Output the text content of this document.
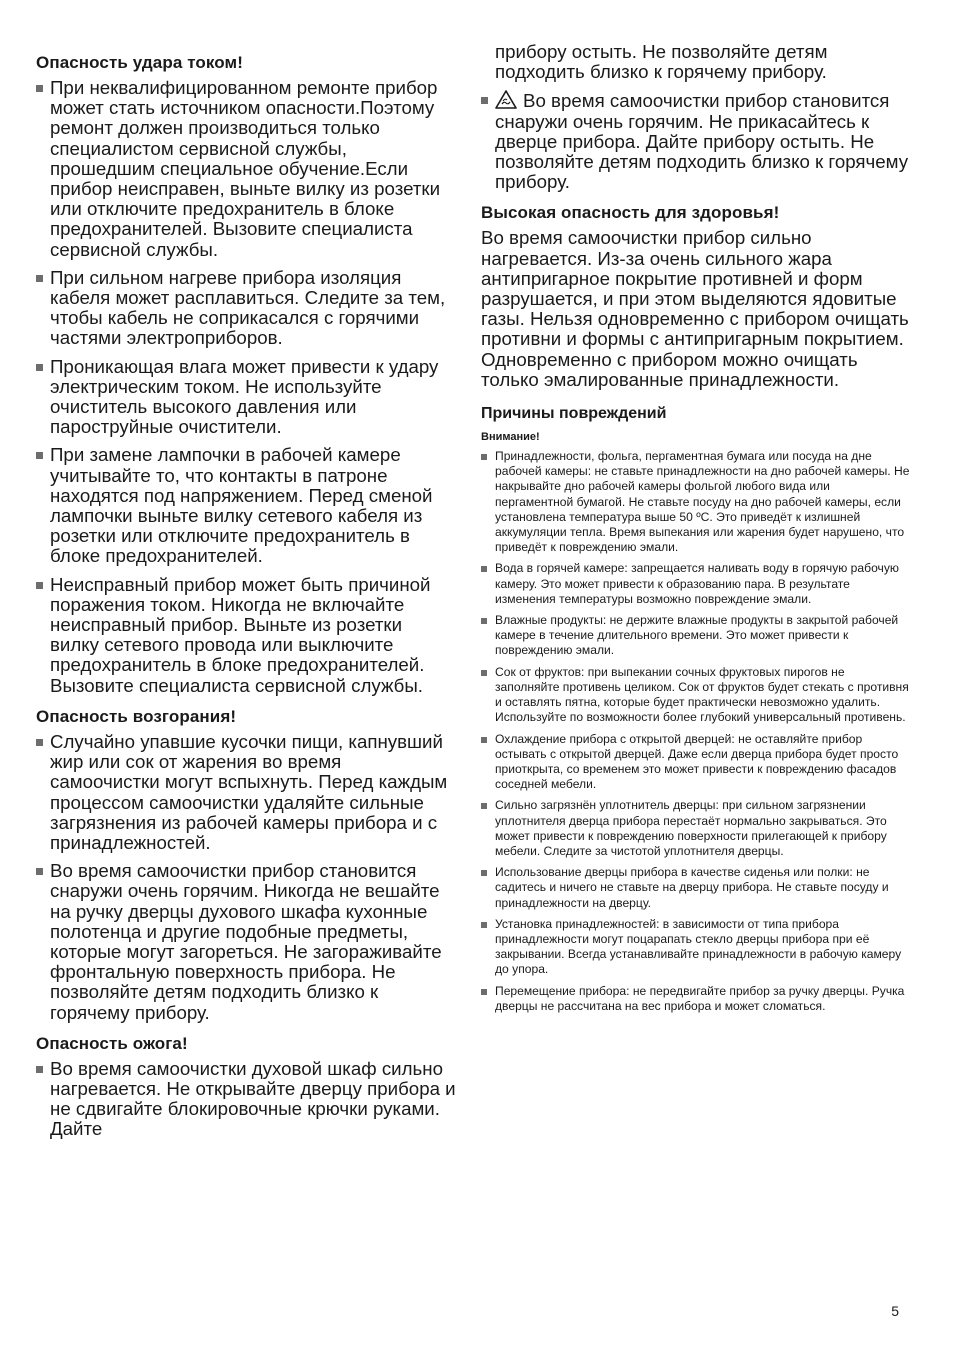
Опасность удара током!
При неквалифицированном ремонте прибор может стать источником опасности.Поэтому ремонт должен производиться только специалистом сервисной службы, прошедшим специальное обучение.Если прибор неисправен, выньте вилку из розетки или отключите предохранитель в блоке предохранителей. Вызовите специалиста сервисной службы.
При сильном нагреве прибора изоляция кабеля может расплавиться. Следите за тем, чтобы кабель не соприкасался с горячими частями электроприборов.
Проникающая влага может привести к удару электрическим током. Не используйте очиститель высокого давления или пароструйные очистители.
При замене лампочки в рабочей камере учитывайте то, что контакты в патроне находятся под напряжением. Перед сменой лампочки выньте вилку сетевого кабеля из розетки или отключите предохранитель в блоке предохранителей.
Неисправный прибор может быть причиной поражения током. Никогда не включайте неисправный прибор. Выньте из розетки вилку сетевого провода или выключите предохранитель в блоке предохранителей. Вызовите специалиста сервисной службы.
Опасность возгорания!
Случайно упавшие кусочки пищи, капнувший жир или сок от жарения во время самоочистки могут вспыхнуть. Перед каждым процессом самоочистки удаляйте сильные загрязнения из рабочей камеры прибора и с принадлежностей.
Во время самоочистки прибор становится снаружи очень горячим. Никогда не вешайте на ручку дверцы духового шкафа кухонные полотенца и другие подобные предметы, которые могут загореться. Не загораживайте фронтальную поверхность прибора. Не позволяйте детям подходить близко к горячему прибору.
Опасность ожога!
Во время самоочистки духовой шкаф сильно нагревается. Не открывайте дверцу прибора и не сдвигайте блокировочные крючки руками. Дайте
прибору остыть. Не позволяйте детям подходить близко к горячему прибору.
Во время самоочистки прибор становится снаружи очень горячим. Не прикасайтесь к дверце прибора. Дайте прибору остыть. Не позволяйте детям подходить близко к горячему прибору.
Высокая опасность для здоровья!

Во время самоочистки прибор сильно нагревается. Из-за очень сильного жара антипригарное покрытие противней и форм разрушается, и при этом выделяются ядовитые газы. Нельзя одновременно с прибором очищать противни и формы с антипригарным покрытием. Одновременно с прибором можно очищать только эмалированные принадлежности.

Причины повреждений
Внимание!
Принадлежности, фольга, пергаментная бумага или посуда на дне рабочей камеры: не ставьте принадлежности на дно рабочей камеры. Не накрывайте дно рабочей камеры фольгой любого вида или пергаментной бумагой. Не ставьте посуду на дно рабочей камеры, если установлена температура выше 50 ºC. Это приведёт к излишней аккумуляции тепла. Время выпекания или жарения будет нарушено, что приведёт к повреждению эмали.
Вода в горячей камере: запрещается наливать воду в горячую рабочую камеру. Это может привести к образованию пара. В результате изменения температуры возможно повреждение эмали.
Влажные продукты: не держите влажные продукты в закрытой рабочей камере в течение длительного времени. Это может привести к повреждению эмали.
Сок от фруктов: при выпекании сочных фруктовых пирогов не заполняйте противень целиком. Сок от фруктов будет стекать с противня и оставлять пятна, которые будет практически невозможно удалить. Используйте по возможности более глубокий универсальный противень.
Охлаждение прибора с открытой дверцей: не оставляйте прибор остывать с открытой дверцей. Даже если дверца прибора будет просто приоткрыта, со временем это может привести к повреждению фасадов соседней мебели.
Сильно загрязнён уплотнитель дверцы: при сильном загрязнении уплотнителя дверца прибора перестаёт нормально закрываться. Это может привести к повреждению поверхности прилегающей к прибору мебели. Следите за чистотой уплотнителя дверцы.
Использование дверцы прибора в качестве сиденья или полки: не садитесь и ничего не ставьте на дверцу прибора. Не ставьте посуду и принадлежности на дверцу.
Установка принадлежностей: в зависимости от типа прибора принадлежности могут поцарапать стекло дверцы прибора при её закрывании. Всегда устанавливайте принадлежности в рабочую камеру до упора.
Перемещение прибора: не передвигайте прибор за ручку дверцы. Ручка дверцы не рассчитана на вес прибора и может сломаться.
5
